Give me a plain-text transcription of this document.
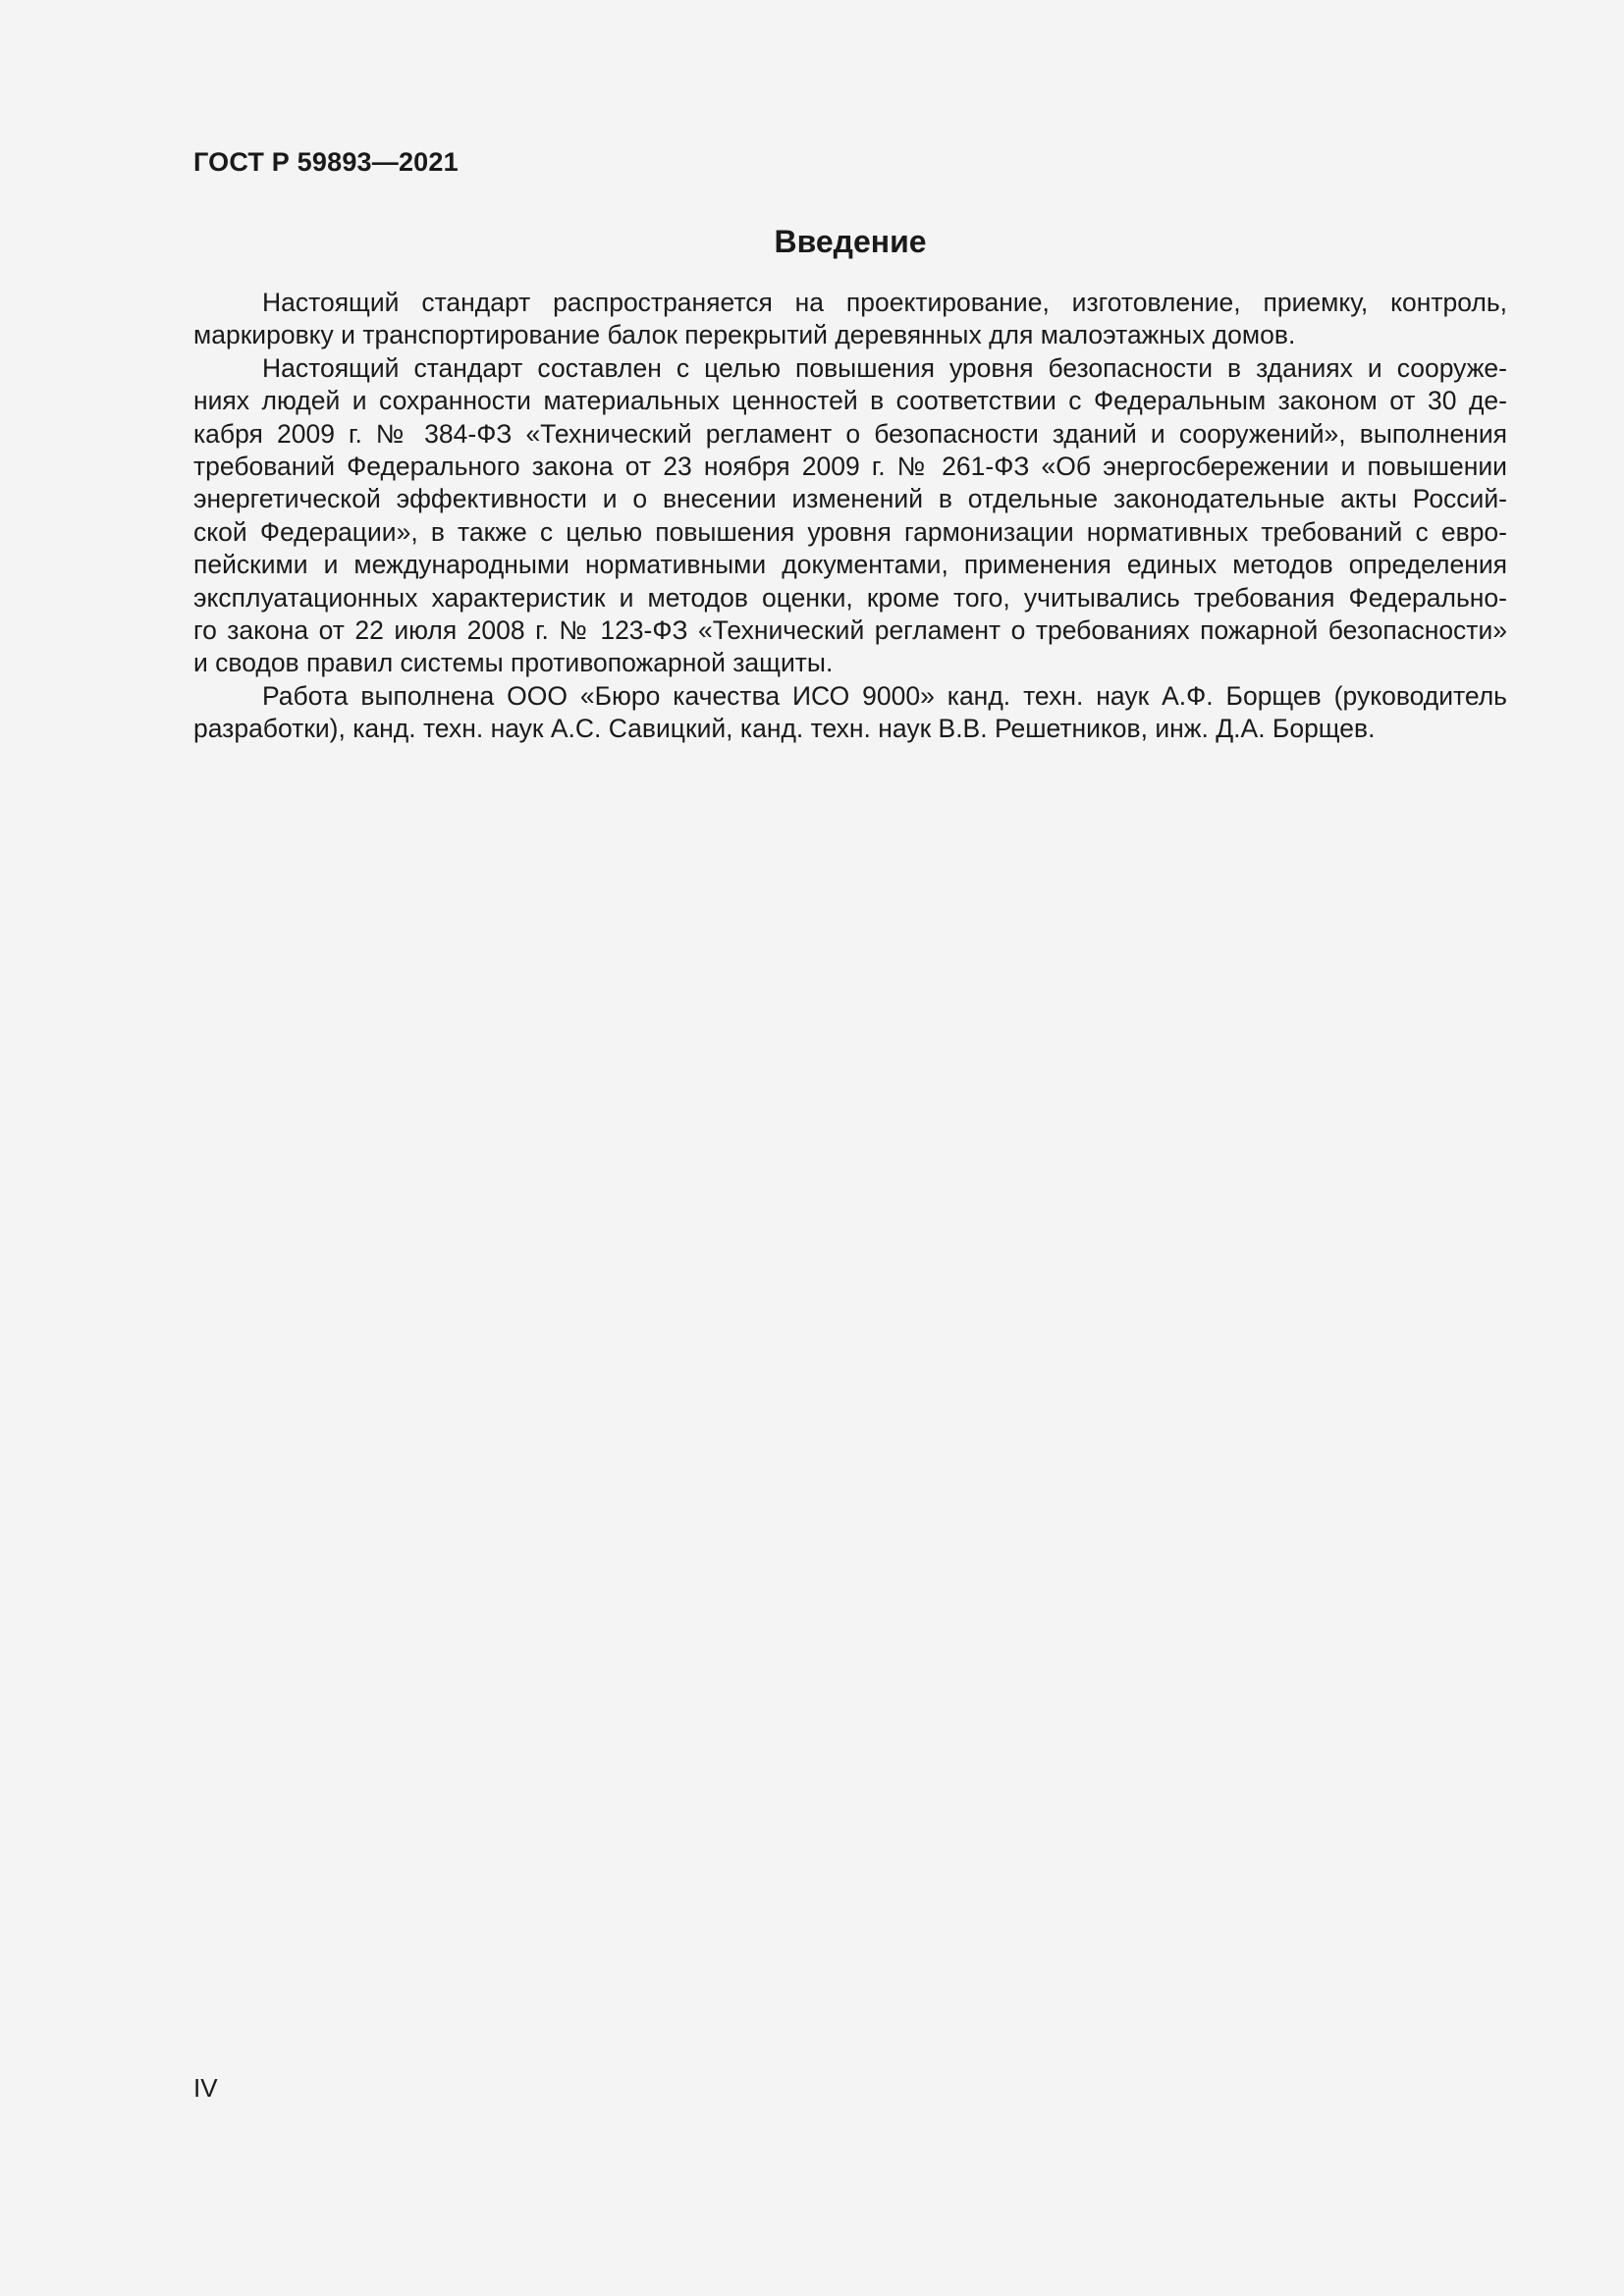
ГОСТ Р 59893—2021
Введение
Настоящий стандарт распространяется на проектирование, изготовление, приемку, контроль,
маркировку и транспортирование балок перекрытий деревянных для малоэтажных домов.
Настоящий стандарт составлен с целью повышения уровня безопасности в зданиях и сооруже-
ниях людей и сохранности материальных ценностей в соответствии с Федеральным законом от 30 де-
кабря 2009 г. № 384-ФЗ «Технический регламент о безопасности зданий и сооружений», выполнения
требований Федерального закона от 23 ноября 2009 г. № 261-ФЗ «Об энергосбережении и повышении
энергетической эффективности и о внесении изменений в отдельные законодательные акты Россий-
ской Федерации», в также с целью повышения уровня гармонизации нормативных требований с евро-
пейскими и международными нормативными документами, применения единых методов определения
эксплуатационных характеристик и методов оценки, кроме того, учитывались требования Федерально-
го закона от 22 июля 2008 г. № 123-ФЗ «Технический регламент о требованиях пожарной безопасности»
и сводов правил системы противопожарной защиты.
Работа выполнена ООО «Бюро качества ИСО 9000» канд. техн. наук А.Ф. Борщев (руководитель
разработки), канд. техн. наук А.С. Савицкий, канд. техн. наук В.В. Решетников, инж. Д.А. Борщев.
IV
